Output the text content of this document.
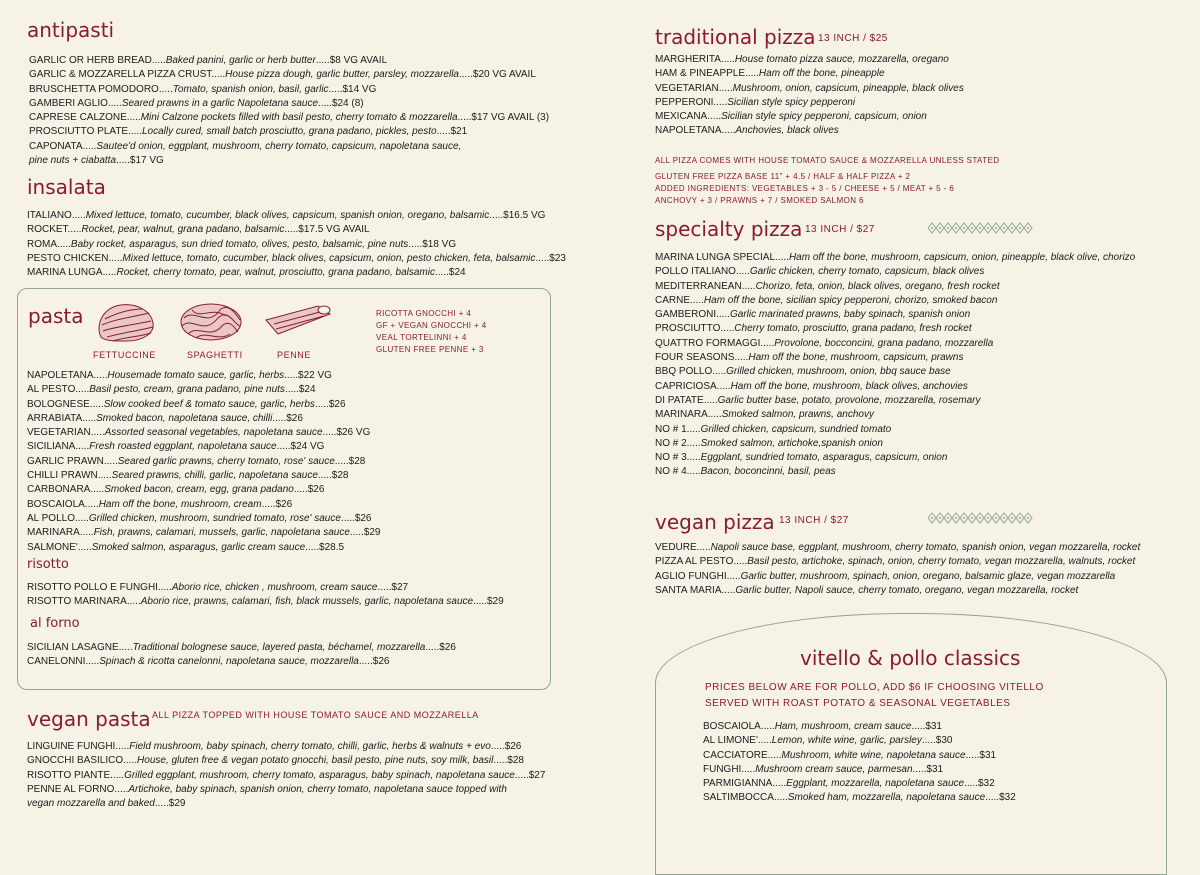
antipasti
GARLIC OR HERB BREAD.....Baked panini, garlic or herb butter.....$8 VG AVAIL
GARLIC & MOZZARELLA PIZZA CRUST.....House pizza dough, garlic butter, parsley, mozzarella.....$20 VG AVAIL
BRUSCHETTA POMODORO.....Tomato, spanish onion, basil, garlic.....$14 VG
GAMBERI AGLIO.....Seared prawns in a garlic Napoletana sauce.....$24 (8)
CAPRESE CALZONE.....Mini Calzone pockets filled with basil pesto, cherry tomato & mozzarella.....$17 VG AVAIL (3)
PROSCIUTTO PLATE.....Locally cured, small batch prosciutto, grana padano, pickles, pesto.....$21
CAPONATA.....Sautee'd onion, eggplant, mushroom, cherry tomato, capsicum, napoletana sauce,
pine nuts + ciabatta.....$17 VG
insalata
ITALIANO.....Mixed lettuce, tomato, cucumber, black olives, capsicum, spanish onion, oregano, balsamic.....$16.5 VG
ROCKET.....Rocket, pear, walnut, grana padano, balsamic.....$17.5 VG AVAIL
ROMA.....Baby rocket, asparagus, sun dried tomato, olives, pesto, balsamic, pine nuts.....$18 VG
PESTO CHICKEN.....Mixed lettuce, tomato, cucumber, black olives, capsicum, onion, pesto chicken, feta, balsamic.....$23
MARINA LUNGA.....Rocket, cherry tomato, pear, walnut, prosciutto, grana padano, balsamic.....$24
pasta
FETTUCCINE	SPAGHETTI	PENNE
RICOTTA GNOCCHI + 4
GF + VEGAN GNOCCHI + 4
VEAL TORTELINNI + 4
GLUTEN FREE PENNE + 3
NAPOLETANA.....Housemade tomato sauce, garlic, herbs.....$22 VG
AL PESTO.....Basil pesto, cream, grana padano, pine nuts.....$24
BOLOGNESE.....Slow cooked beef & tomato sauce, garlic, herbs.....$26
ARRABIATA.....Smoked bacon, napoletana sauce, chilli.....$26
VEGETARIAN.....Assorted seasonal vegetables, napoletana sauce.....$26 VG
SICILIANA.....Fresh roasted eggplant, napoletana sauce.....$24 VG
GARLIC PRAWN.....Seared garlic prawns, cherry tomato, rose' sauce.....$28
CHILLI PRAWN.....Seared prawns, chilli, garlic, napoletana sauce.....$28
CARBONARA.....Smoked bacon, cream, egg, grana padano.....$26
BOSCAIOLA.....Ham off the bone, mushroom, cream.....$26
AL POLLO.....Grilled chicken, mushroom, sundried tomato, rose' sauce.....$26
MARINARA.....Fish, prawns, calamari, mussels, garlic, napoletana sauce.....$29
SALMONE'.....Smoked salmon, asparagus, garlic cream sauce.....$28.5
risotto
RISOTTO POLLO E FUNGHI.....Aborio rice, chicken , mushroom, cream sauce.....$27
RISOTTO MARINARA.....Aborio rice, prawns, calamari, fish, black mussels, garlic, napoletana sauce.....$29
al forno
SICILIAN LASAGNE.....Traditional bolognese sauce, layered pasta, béchamel, mozzarella.....$26
CANELONNI.....Spinach & ricotta canelonni, napoletana sauce, mozzarella.....$26
vegan pasta ALL PIZZA TOPPED WITH HOUSE TOMATO SAUCE AND MOZZARELLA
LINGUINE FUNGHI.....Field mushroom, baby spinach, cherry tomato, chilli, garlic, herbs & walnuts + evo.....$26
GNOCCHI BASILICO.....House, gluten free & vegan potato gnocchi, basil pesto, pine nuts, soy milk, basil.....$28
RISOTTO PIANTE.....Grilled eggplant, mushroom, cherry tomato, asparagus, baby spinach, napoletana sauce.....$27
PENNE AL FORNO.....Artichoke, baby spinach, spanish onion, cherry tomato, napoletana sauce topped with
vegan mozzarella and baked.....$29
traditional pizza 13 INCH / $25
MARGHERITA.....House tomato pizza sauce, mozzarella, oregano
HAM & PINEAPPLE.....Ham off the bone, pineapple
VEGETARIAN.....Mushroom, onion, capsicum, pineapple, black olives
PEPPERONI.....Sicilian style spicy pepperoni
MEXICANA.....Sicilian style spicy pepperoni, capsicum, onion
NAPOLETANA.....Anchovies, black olives
ALL PIZZA COMES WITH HOUSE TOMATO SAUCE & MOZZARELLA UNLESS STATED
GLUTEN FREE PIZZA BASE 11" + 4.5 / HALF & HALF PIZZA + 2
ADDED INGREDIENTS: VEGETABLES + 3 - 5 / CHEESE + 5 / MEAT + 5 - 6
ANCHOVY + 3 / PRAWNS + 7 / SMOKED SALMON 6
specialty pizza 13 INCH / $27
MARINA LUNGA SPECIAL.....Ham off the bone, mushroom, capsicum, onion, pineapple, black olive, chorizo
POLLO ITALIANO.....Garlic chicken, cherry tomato, capsicum, black olives
MEDITERRANEAN.....Chorizo, feta, onion, black olives, oregano, fresh rocket
CARNE.....Ham off the bone, sicilian spicy pepperoni, chorizo, smoked bacon
GAMBERONI.....Garlic marinated prawns, baby spinach, spanish onion
PROSCIUTTO.....Cherry tomato, prosciutto, grana padano, fresh rocket
QUATTRO FORMAGGI.....Provolone, bocconcini, grana padano, mozzarella
FOUR SEASONS.....Ham off the bone, mushroom, capsicum, prawns
BBQ POLLO.....Grilled chicken, mushroom, onion, bbq sauce base
CAPRICIOSA.....Ham off the bone, mushroom, black olives, anchovies
DI PATATE.....Garlic butter base, potato, provolone, mozzarella, rosemary
MARINARA.....Smoked salmon, prawns, anchovy
NO # 1.....Grilled chicken, capsicum, sundried tomato
NO # 2.....Smoked salmon, artichoke,spanish onion
NO # 3.....Eggplant, sundried tomato, asparagus, capsicum, onion
NO # 4.....Bacon, boconcinni, basil, peas
vegan pizza 13 INCH / $27
VEDURE.....Napoli sauce base, eggplant, mushroom, cherry tomato, spanish onion, vegan mozzarella, rocket
PIZZA AL PESTO.....Basil pesto, artichoke, spinach, onion, cherry tomato, vegan mozzarella, walnuts, rocket
AGLIO FUNGHI.....Garlic butter, mushroom, spinach, onion, oregano, balsamic glaze, vegan mozzarella
SANTA MARIA.....Garlic butter, Napoli sauce, cherry tomato, oregano, vegan mozzarella, rocket
vitello & pollo classics
PRICES BELOW ARE FOR POLLO, ADD $6 IF CHOOSING VITELLO
SERVED WITH ROAST POTATO & SEASONAL VEGETABLES
BOSCAIOLA.....Ham, mushroom, cream sauce.....$31
AL LIMONE'.....Lemon, white wine, garlic, parsley.....$30
CACCIATORE.....Mushroom, white wine, napoletana sauce.....$31
FUNGHI.....Mushroom cream sauce, parmesan.....$31
PARMIGIANNA.....Eggplant, mozzarella, napoletana sauce.....$32
SALTIMBOCCA.....Smoked ham, mozzarella, napoletana sauce.....$32
